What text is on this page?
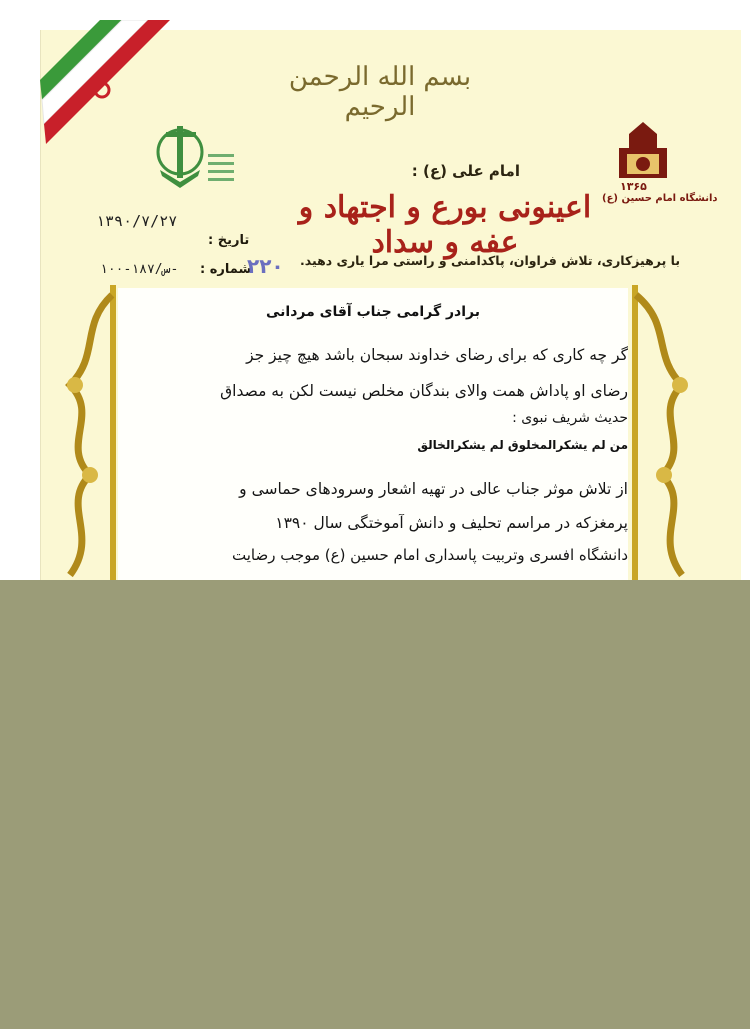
بسم الله الرحمن الرحیم
امام علی (ع) :
اعینونی بورع و اجتهاد و عفه و سداد
با پرهیزکاری، تلاش فراوان، پاکدامنی و راستی مرا یاری دهید.
۱۳۶۵
دانشگاه امام حسین (ع)
تاریخ :
۱۳۹۰/۷/۲۷
شماره :
س/۱۸۷-۱۰۰-	۲۲۰
برادر گرامی جناب آقای مردانی
گر چه کاری که برای رضای خداوند سبحان باشد هیچ چیز جز
رضای او پاداش همت والای بندگان مخلص نیست لکن به مصداق
حدیث شریف نبوی :
من لم یشکرالمخلوق لم یشکرالخالق
از تلاش موثر جناب عالی در تهیه اشعار وسرودهای حماسی و
پرمغزکه در مراسم تحلیف و دانش آموختگی سال ۱۳۹۰
دانشگاه افسری وتربیت پاسداری امام حسین (ع) موجب رضایت
